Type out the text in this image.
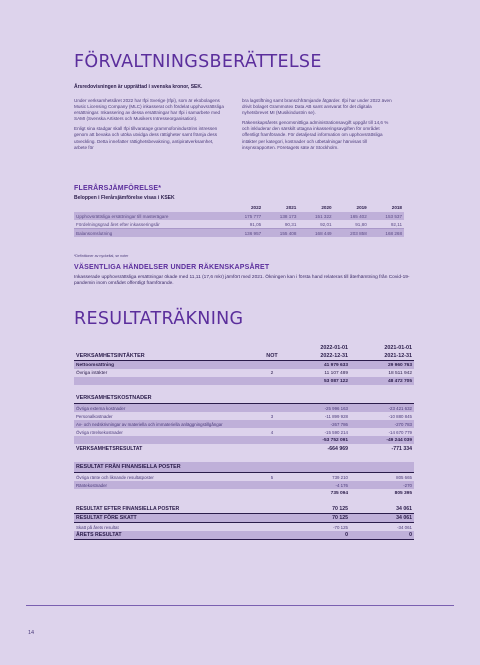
FÖRVALTNINGSBERÄTTELSE
Årsredovisningen är upprättad i svenska kronor, SEK.

Under verksamhetsåret 2022 har Ifpi Sverige (Ifpi), som är ekobolagens Music Licensing Company (MLC) inkasserat och fördelat upphovsrättsliga ersättningar. Inkassering av dessa ersättningar har Ifpi i samarbete med SAMI (Svenska Artisters och Musikers Intresseorganisation).

Enligt sina stadgar skall Ifpi tillvaratage grammofonindustrins intressen genom att bevaka och utöka utvidga dess rättigheter samt främja dess utveckling. Detta innefatter rättighetsbevakning, antipiratverksamhet, arbete för

bra lagstiftning samt branschfrämjande åtgärder. Ifpi har under 2022 även drivit bolaget Grammotex Data AB samt ansvarat för det digitala nyhetsbrevet MI (Musikindustrin se).

Räkenskapsårets genomsnittliga administrationsavgift uppgår till 14,6 % och inkluderar den särskilt uttagna inkasseringsavgiften för området offentligt framförande. För detaljerad information om upphovsrättsliga intäkter per kategori, kostnader och utbetalningar hänvisas till insynsrapporten. Företagets säte är Stockholm.

FLERÅRSJÄMFÖRELSE*
Beloppen i Flerårsjämförelse visas i KSEK
	2022	2021	2020	2019	2018
Upphovsrättsliga ersättningar till masterägare	175 777	138 173	151 322	165 402	153 537
Fördelningsgrad året efter inkasseringsår	91,05	90,31	92,01	91,80	92,11
Balansomslutning	136 957	155 408	168 449	203 858	168 268
*Definitioner av nyckeltal, se noter
VÄSENTLIGA HÄNDELSER UNDER RÄKENSKAPSÅRET
Inkasserade upphovsrättsliga ersättningar ökade med 11,11 (17,6 mkr) jämfört med 2021. Ökningen kan i första hand relateras till återhämtning från Covid-19-pandemin inom området offentligt framförande.
RESULTATRÄKNING
		2022-01-01	2021-01-01
VERKSAMHETSINTÄKTER	NOT	2022-12-31	2021-12-31
Nettoomsättning		41 979 633	29 960 763
Övriga intäkter	2	11 107 489	18 511 942
		53 087 122	48 472 705

VERKSAMHETSKOSTNADER			
Övriga externa kostnader		-25 996 163	-23 421 632
Personalkostnader	3	-11 899 928	-10 880 845
Av- och nedskrivningar av materiella och immateriella anläggningstillgångar		-267 786	-270 783
Övriga rörelsekostnader	4	-15 590 214	-14 670 779
		-53 752 091	-49 244 039
VERKSAMHETSRESULTAT		-664 969	-771 334

RESULTAT FRÅN FINANSIELLA POSTER			
Övriga ränte och liknande resultatposter	5	739 210	805 665
Räntekostnader		-4 176	-270
		735 094	805 395

RESULTAT EFTER FINANSIELLA POSTER		70 125	34 061
RESULTAT FÖRE SKATT		70 125	34 061
Skatt på årets resultat		-70 125	-34 061
ÅRETS RESULTAT		0	0
14
